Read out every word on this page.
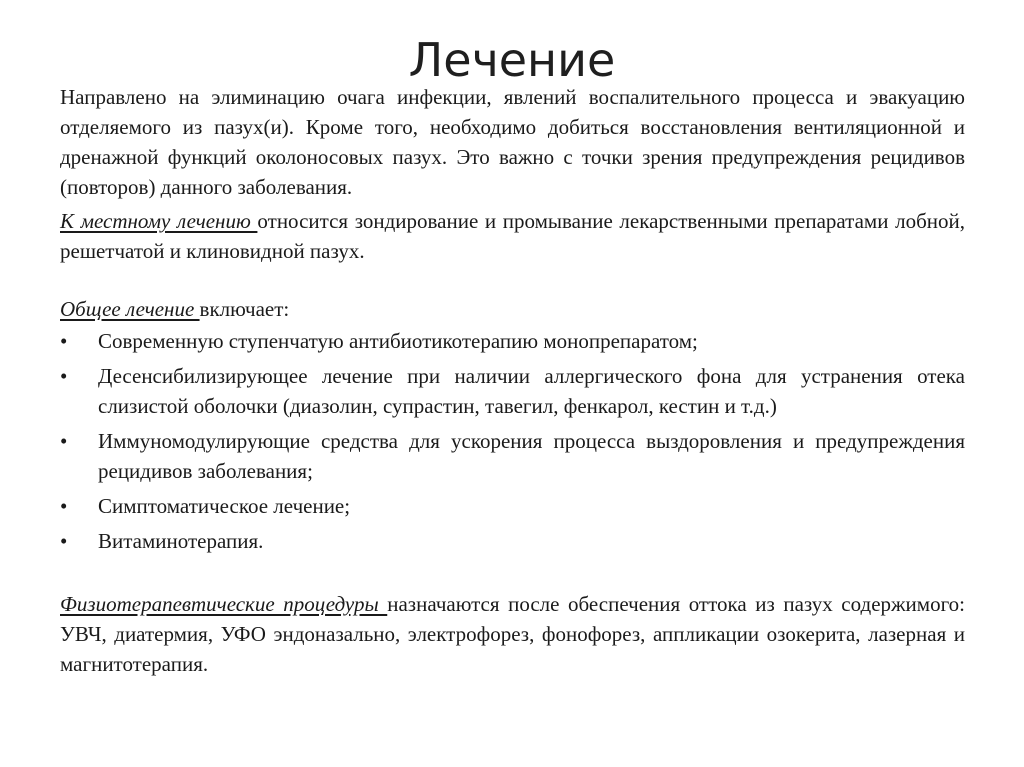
Лечение

Направлено на элиминацию очага инфекции, явлений воспалительного процесса и эвакуацию отделяемого из пазух(и). Кроме того, необходимо добиться восстановления вентиляционной и дренажной функций околоносовых пазух. Это важно с точки зрения предупреждения рецидивов (повторов) данного заболевания.

К местному лечению относится зондирование и промывание лекарственными препаратами лобной, решетчатой и клиновидной пазух.

Общее лечение включает:

• Современную ступенчатую антибиотикотерапию монопрепаратом;
• Десенсибилизирующее лечение при наличии аллергического фона для устранения отека слизистой оболочки (диазолин, супрастин, тавегил, фенкарол, кестин и т.д.)
• Иммуномодулирующие средства для ускорения процесса выздоровления и предупреждения рецидивов заболевания;
• Симптоматическое лечение;
• Витаминотерапия.

Физиотерапевтические процедуры назначаются после обеспечения оттока из пазух содержимого: УВЧ, диатермия, УФО эндоназально, электрофорез, фонофорез, аппликации озокерита, лазерная и магнитотерапия.
